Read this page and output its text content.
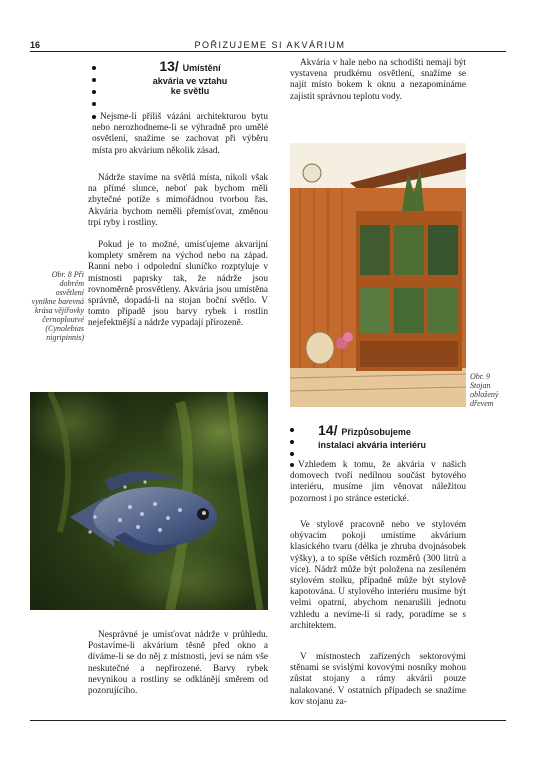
16	POŘIZUJEME SI AKVÁRIUM
13/ Umístění
akvária ve vztahu
ke světlu

Nejsme-li příliš vázáni architekturou bytu nebo nerozhodneme-li se výhradně pro umělé osvětlení, snažíme se zachovat při výběru místa pro akvárium několik zásad.

Nádrže stavíme na světlá místa, nikoli však na přímé slunce, neboť pak bychom měli zbytečné potíže s mimořádnou tvorbou řas. Akvária bychom neměli přemísťovat, změnou trpí ryby i rostliny.

Pokud je to možné, umísťujeme akvarijní komplety směrem na východ nebo na západ. Ranní nebo i odpolední sluníčko rozptyluje v místnosti paprsky tak, že nádrže jsou rovnoměrně prosvětleny. Akvária jsou umístěna správně, dopadá-li na stojan boční světlo. V tomto případě jsou barvy rybek i rostlin nejefektnější a nádrže vypadají přirozeně.

Obr. 8 Při dobrém osvětlení vynikne barevná krása vějířovky černoploutvé (Cynolebias nigripinnis)

Nesprávné je umísťovat nádrže v průhledu. Postavíme-li akvárium těsně před okno a díváme-li se do něj z místnosti, jeví se nám vše neskutečné a nepřirozené. Barvy rybek nevynikou a rostliny se odklánějí směrem od pozorujícího.

Akvária v hale nebo na schodišti nemají být vystavena prudkému osvětlení, snažíme se najít místo bokem k oknu a nezapomínáme zajistit správnou teplotu vody.

Obr. 9 Stojan obložený dřevem
14/ Přizpůsobujeme
instalaci akvária interiéru

Vzhledem k tomu, že akvária v našich domovech tvoří nedílnou součást bytového interiéru, musíme jim věnovat náležitou pozornost i po stránce estetické.

Ve stylově pracovně nebo ve stylovém obývacím pokoji umístíme akvárium klasického tvaru (délka je zhruba dvojnásobek výšky), a to spíše větších rozměrů (300 litrů a více). Nádrž může být položena na zesíleném stylovém stolku, případně může být stylově kapotována. U stylového interiéru musíme být velmi opatrní, abychom nenarušili jednotu vzhledu a nevíme-li si rady, poradíme se s architektem.

V místnostech zařízených sektorovými stěnami se svislými kovovými nosníky mohou zůstat stojany a rámy akvárií pouze nalakované. V ostatních případech se snažíme kov stojanu za-
